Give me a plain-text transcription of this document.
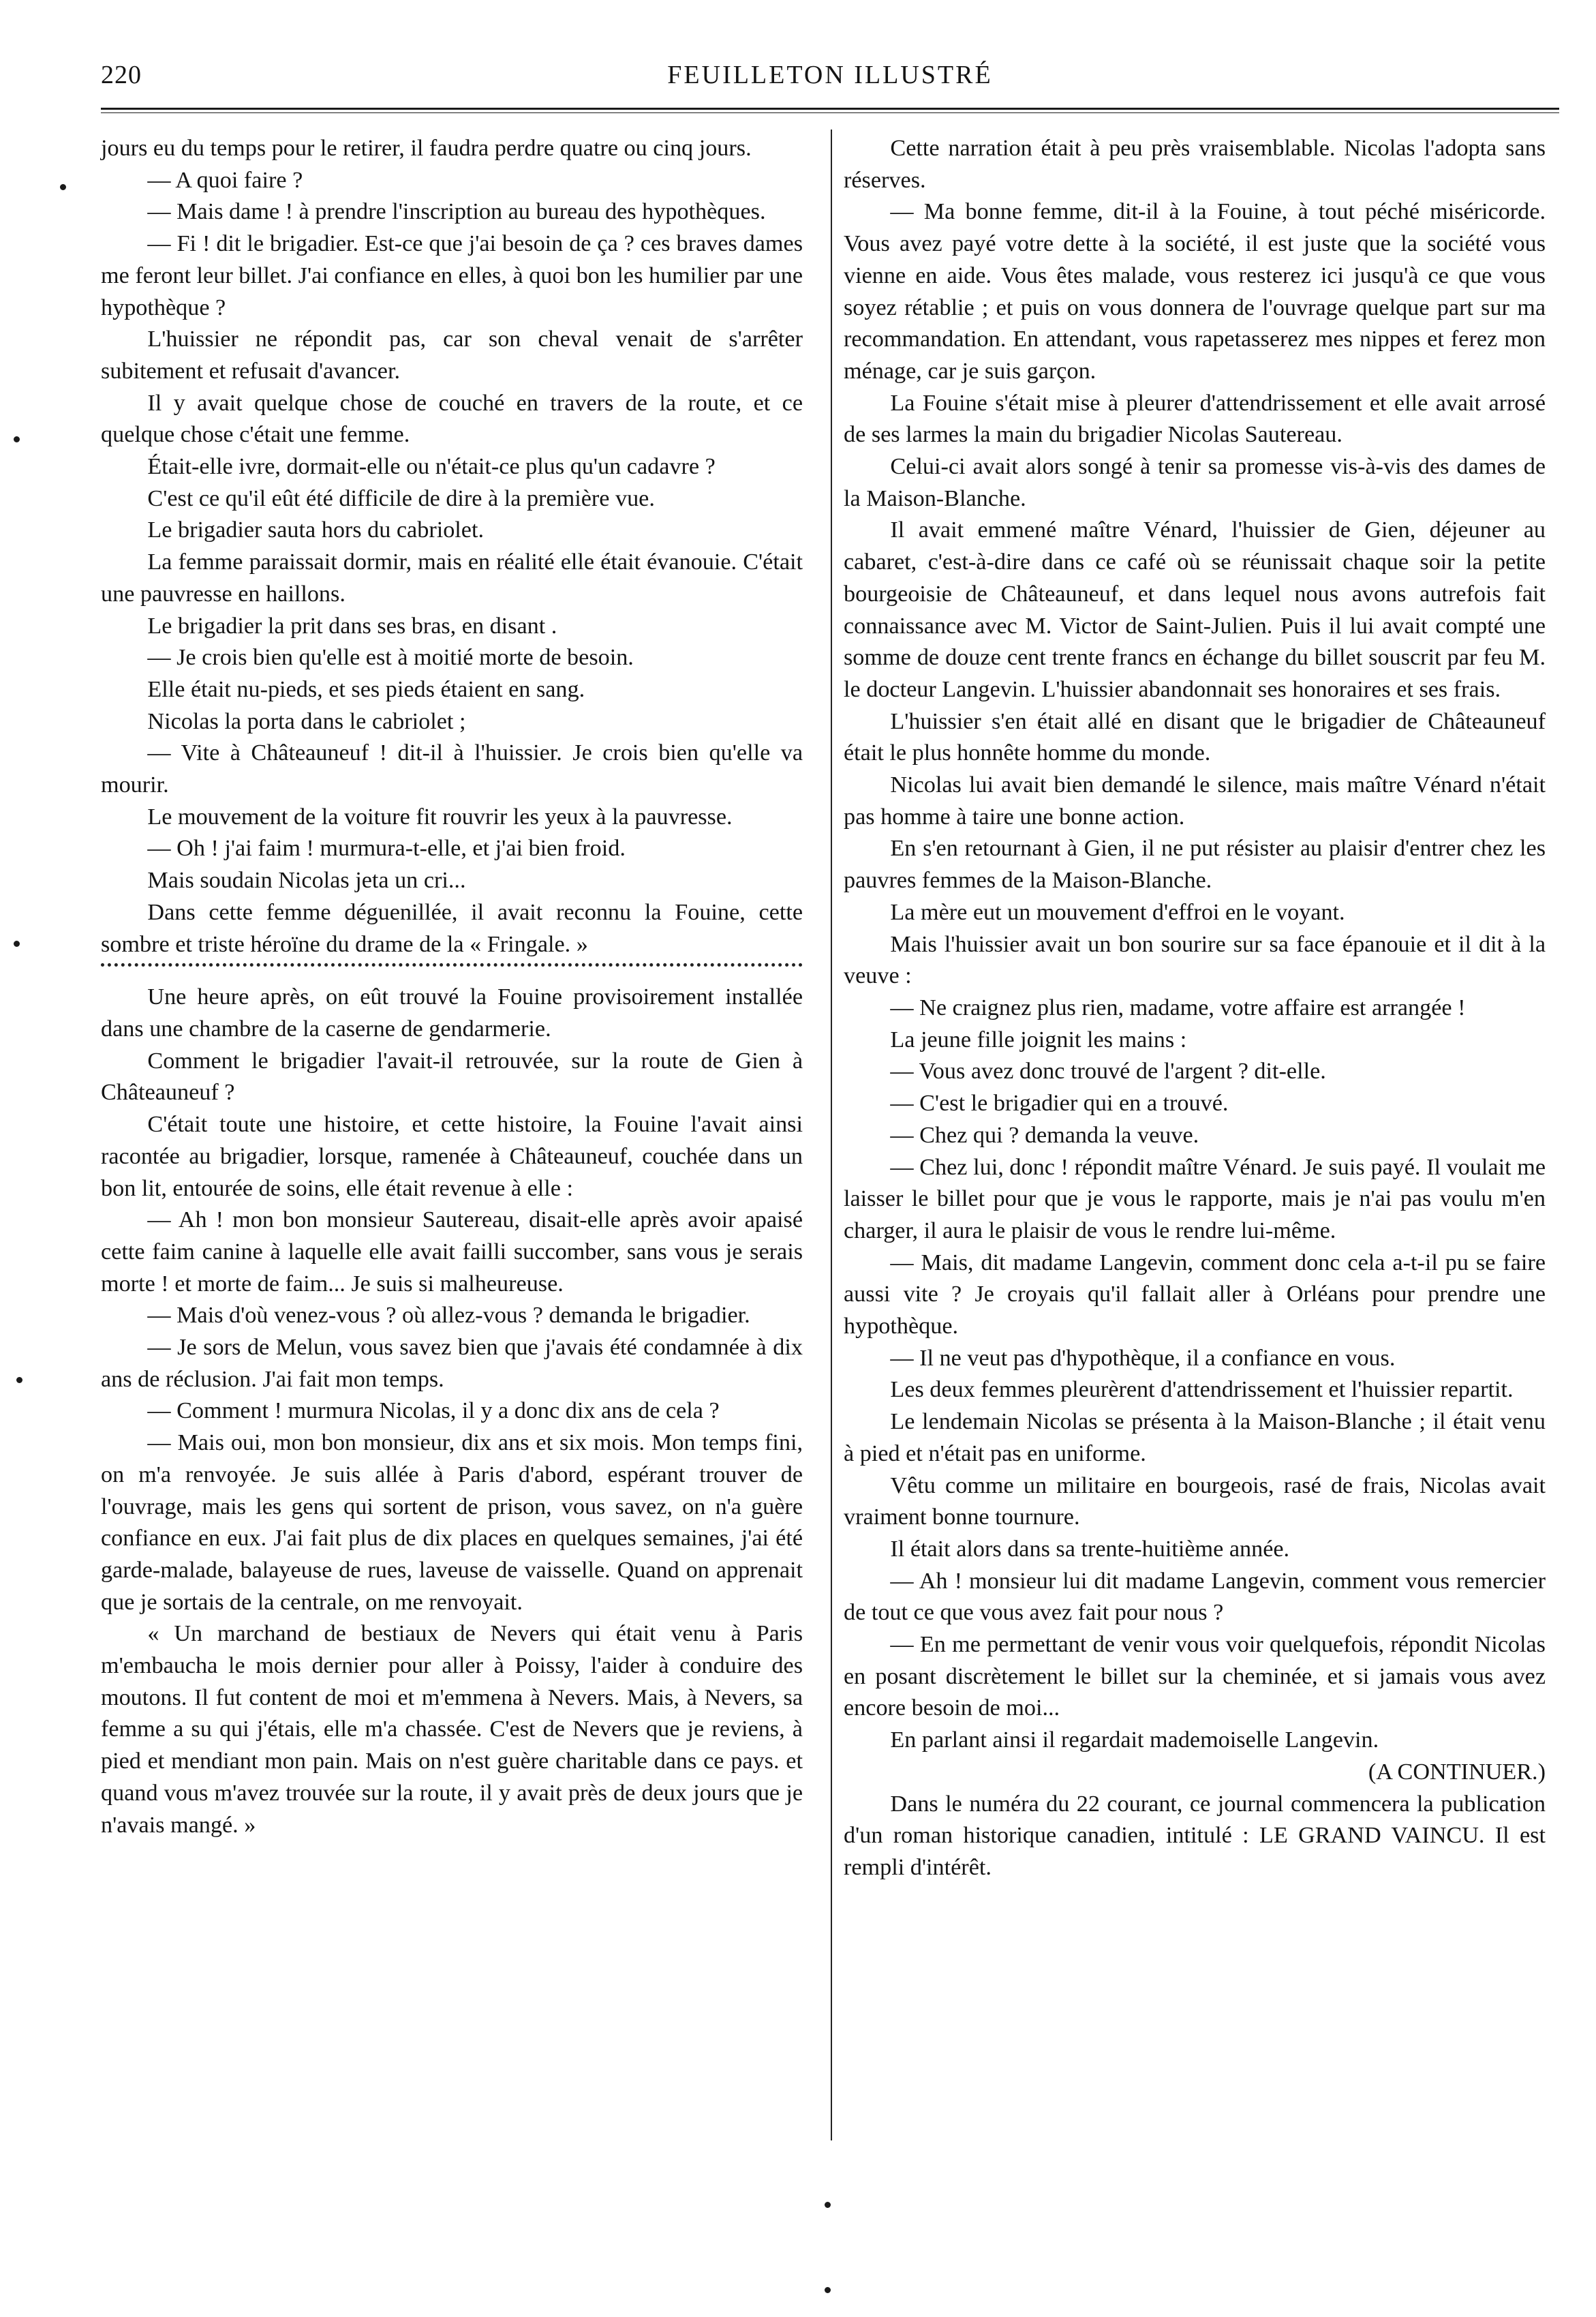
220	FEUILLETON ILLUSTRÉ

jours eu du temps pour le retirer, il faudra perdre quatre ou cinq jours.

— A quoi faire ?

— Mais dame ! à prendre l'inscription au bureau des hypothèques.

— Fi ! dit le brigadier. Est-ce que j'ai besoin de ça ? ces braves dames me feront leur billet. J'ai confiance en elles, à quoi bon les humilier par une hypothèque ?

L'huissier ne répondit pas, car son cheval venait de s'arrêter subitement et refusait d'avancer.

Il y avait quelque chose de couché en travers de la route, et ce quelque chose c'était une femme.

Était-elle ivre, dormait-elle ou n'était-ce plus qu'un cadavre ?

C'est ce qu'il eût été difficile de dire à la première vue.

Le brigadier sauta hors du cabriolet.

La femme paraissait dormir, mais en réalité elle était évanouie. C'était une pauvresse en haillons.

Le brigadier la prit dans ses bras, en disant .

— Je crois bien qu'elle est à moitié morte de besoin.

Elle était nu-pieds, et ses pieds étaient en sang.

Nicolas la porta dans le cabriolet ;

— Vite à Châteauneuf ! dit-il à l'huissier. Je crois bien qu'elle va mourir.

Le mouvement de la voiture fit rouvrir les yeux à la pauvresse.

— Oh ! j'ai faim ! murmura-t-elle, et j'ai bien froid.

Mais soudain Nicolas jeta un cri...

Dans cette femme déguenillée, il avait reconnu la Fouine, cette sombre et triste héroïne du drame de la « Fringale. »

Une heure après, on eût trouvé la Fouine provisoirement installée dans une chambre de la caserne de gendarmerie.

Comment le brigadier l'avait-il retrouvée, sur la route de Gien à Châteauneuf ?

C'était toute une histoire, et cette histoire, la Fouine l'avait ainsi racontée au brigadier, lorsque, ramenée à Châteauneuf, couchée dans un bon lit, entourée de soins, elle était revenue à elle :

— Ah ! mon bon monsieur Sautereau, disait-elle après avoir apaisé cette faim canine à laquelle elle avait failli succomber, sans vous je serais morte ! et morte de faim... Je suis si malheureuse.

— Mais d'où venez-vous ? où allez-vous ? demanda le brigadier.

— Je sors de Melun, vous savez bien que j'avais été condamnée à dix ans de réclusion. J'ai fait mon temps.

— Comment ! murmura Nicolas, il y a donc dix ans de cela ?

— Mais oui, mon bon monsieur, dix ans et six mois. Mon temps fini, on m'a renvoyée. Je suis allée à Paris d'abord, espérant trouver de l'ouvrage, mais les gens qui sortent de prison, vous savez, on n'a guère confiance en eux. J'ai fait plus de dix places en quelques semaines, j'ai été garde-malade, balayeuse de rues, laveuse de vaisselle. Quand on apprenait que je sortais de la centrale, on me renvoyait.

« Un marchand de bestiaux de Nevers qui était venu à Paris m'embaucha le mois dernier pour aller à Poissy, l'aider à conduire des moutons. Il fut content de moi et m'emmena à Nevers. Mais, à Nevers, sa femme a su qui j'étais, elle m'a chassée. C'est de Nevers que je reviens, à pied et mendiant mon pain. Mais on n'est guère charitable dans ce pays. et quand vous m'avez trouvée sur la route, il y avait près de deux jours que je n'avais mangé. »

Cette narration était à peu près vraisemblable. Nicolas l'adopta sans réserves.

— Ma bonne femme, dit-il à la Fouine, à tout péché miséricorde. Vous avez payé votre dette à la société, il est juste que la société vous vienne en aide. Vous êtes malade, vous resterez ici jusqu'à ce que vous soyez rétablie ; et puis on vous donnera de l'ouvrage quelque part sur ma recommandation. En attendant, vous rapetasserez mes nippes et ferez mon ménage, car je suis garçon.

La Fouine s'était mise à pleurer d'attendrissement et elle avait arrosé de ses larmes la main du brigadier Nicolas Sautereau.

Celui-ci avait alors songé à tenir sa promesse vis-à-vis des dames de la Maison-Blanche.

Il avait emmené maître Vénard, l'huissier de Gien, déjeuner au cabaret, c'est-à-dire dans ce café où se réunissait chaque soir la petite bourgeoisie de Châteauneuf, et dans lequel nous avons autrefois fait connaissance avec M. Victor de Saint-Julien. Puis il lui avait compté une somme de douze cent trente francs en échange du billet souscrit par feu M. le docteur Langevin. L'huissier abandonnait ses honoraires et ses frais.

L'huissier s'en était allé en disant que le brigadier de Châteauneuf était le plus honnête homme du monde.

Nicolas lui avait bien demandé le silence, mais maître Vénard n'était pas homme à taire une bonne action.

En s'en retournant à Gien, il ne put résister au plaisir d'entrer chez les pauvres femmes de la Maison-Blanche.

La mère eut un mouvement d'effroi en le voyant.

Mais l'huissier avait un bon sourire sur sa face épanouie et il dit à la veuve :

— Ne craignez plus rien, madame, votre affaire est arrangée !

La jeune fille joignit les mains :

— Vous avez donc trouvé de l'argent ? dit-elle.

— C'est le brigadier qui en a trouvé.

— Chez qui ? demanda la veuve.

— Chez lui, donc ! répondit maître Vénard. Je suis payé. Il voulait me laisser le billet pour que je vous le rapporte, mais je n'ai pas voulu m'en charger, il aura le plaisir de vous le rendre lui-même.

— Mais, dit madame Langevin, comment donc cela a-t-il pu se faire aussi vite ? Je croyais qu'il fallait aller à Orléans pour prendre une hypothèque.

— Il ne veut pas d'hypothèque, il a confiance en vous.

Les deux femmes pleurèrent d'attendrissement et l'huissier repartit.

Le lendemain Nicolas se présenta à la Maison-Blanche ; il était venu à pied et n'était pas en uniforme.

Vêtu comme un militaire en bourgeois, rasé de frais, Nicolas avait vraiment bonne tournure.

Il était alors dans sa trente-huitième année.

— Ah ! monsieur lui dit madame Langevin, comment vous remercier de tout ce que vous avez fait pour nous ?

— En me permettant de venir vous voir quelquefois, répondit Nicolas en posant discrètement le billet sur la cheminée, et si jamais vous avez encore besoin de moi...

En parlant ainsi il regardait mademoiselle Langevin.

(A CONTINUER.)

Dans le numéra du 22 courant, ce journal commencera la publication d'un roman historique canadien, intitulé : LE GRAND VAINCU. Il est rempli d'intérêt.
